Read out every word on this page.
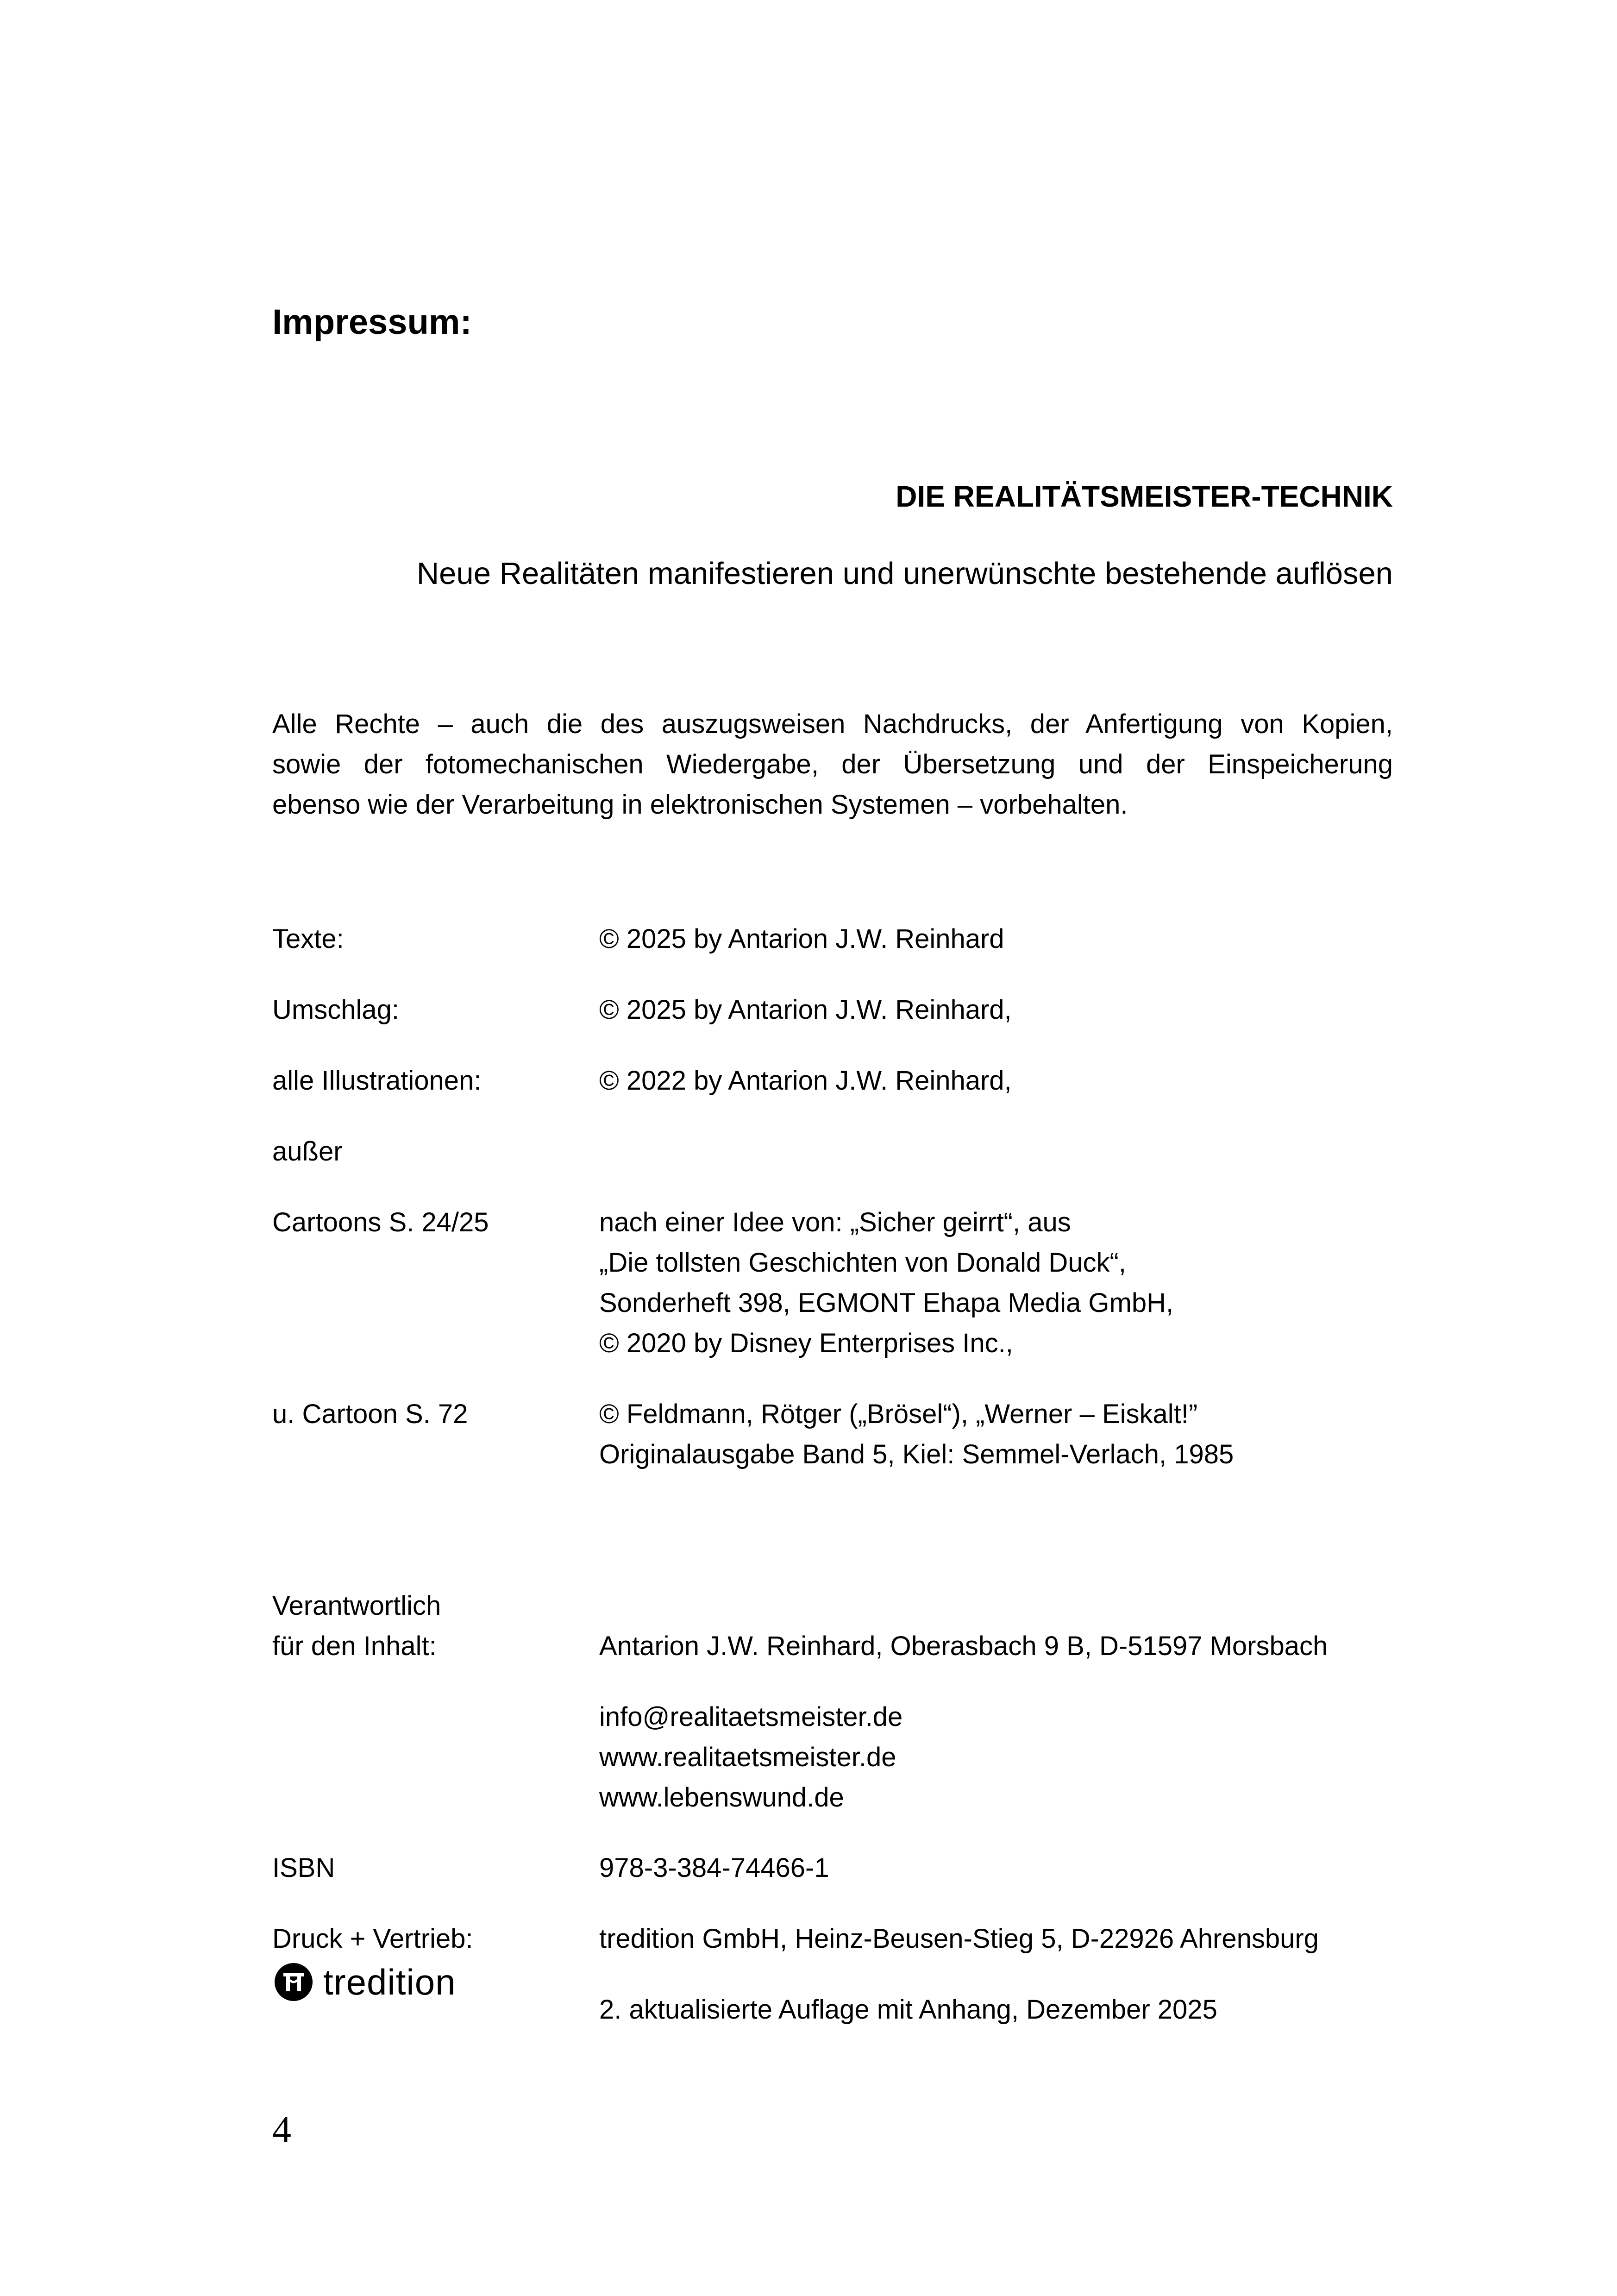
Impressum:
DIE REALITÄTSMEISTER-TECHNIK
Neue Realitäten manifestieren und unerwünschte bestehende auflösen
Alle Rechte – auch die des auszugsweisen Nachdrucks, der Anfertigung von Kopien,
sowie der fotomechanischen Wiedergabe, der Übersetzung und der Einspeicherung
ebenso wie der Verarbeitung in elektronischen Systemen – vorbehalten.
Texte:	© 2025 by Antarion J.W. Reinhard
Umschlag:	© 2025 by Antarion J.W. Reinhard,
alle Illustrationen:	© 2022 by Antarion J.W. Reinhard,
außer
Cartoons S. 24/25	nach einer Idee von: „Sicher geirrt“, aus
„Die tollsten Geschichten von Donald Duck“,
Sonderheft 398, EGMONT Ehapa Media GmbH,
© 2020 by Disney Enterprises Inc.,
u. Cartoon S. 72	© Feldmann, Rötger („Brösel“), „Werner – Eiskalt!”
Originalausgabe Band 5, Kiel: Semmel-Verlach, 1985
Verantwortlich
für den Inhalt:	Antarion J.W. Reinhard, Oberasbach 9 B, D-51597 Morsbach
info@realitaetsmeister.de
www.realitaetsmeister.de
www.lebenswund.de
ISBN	978-3-384-74466-1
Druck + Vertrieb:	tredition GmbH, Heinz-Beusen-Stieg 5, D-22926 Ahrensburg
tredition
2. aktualisierte Auflage mit Anhang, Dezember 2025
4
